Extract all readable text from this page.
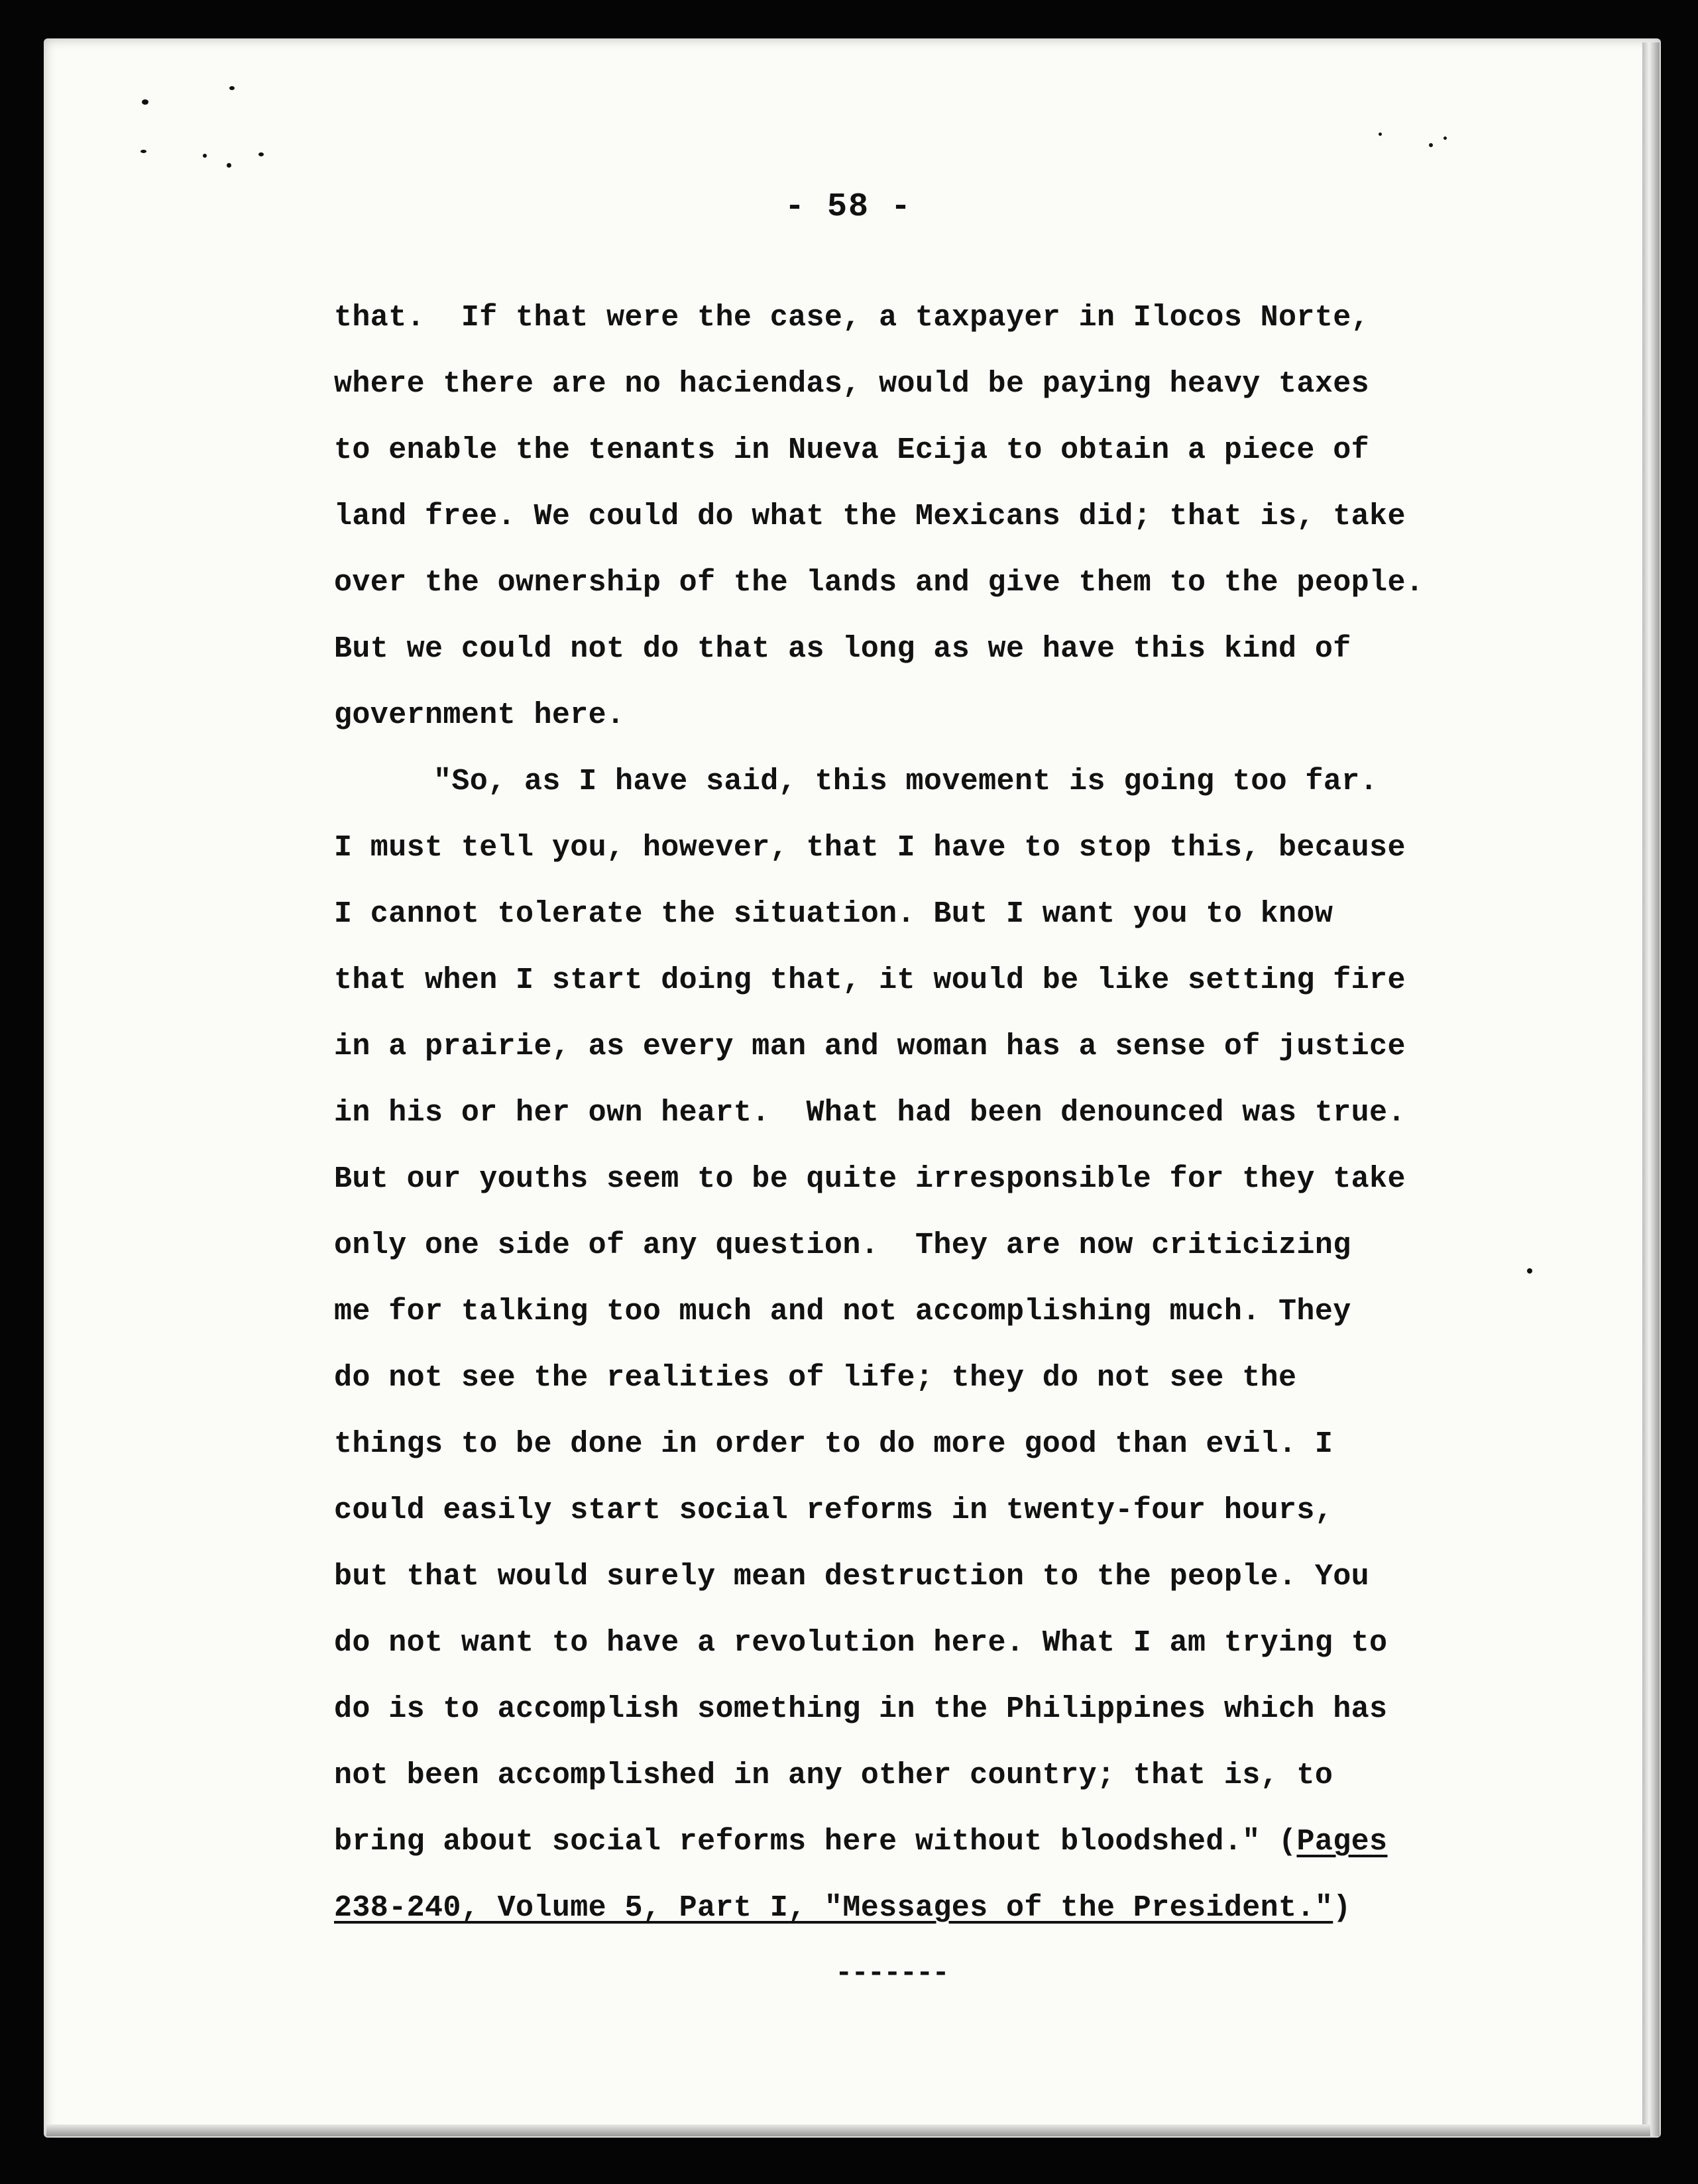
- 58 -
that.  If that were the case, a taxpayer in Ilocos Norte,
where there are no haciendas, would be paying heavy taxes
to enable the tenants in Nueva Ecija to obtain a piece of
land free. We could do what the Mexicans did; that is, take
over the ownership of the lands and give them to the people.
But we could not do that as long as we have this kind of
government here.
"So, as I have said, this movement is going too far.
I must tell you, however, that I have to stop this, because
I cannot tolerate the situation. But I want you to know
that when I start doing that, it would be like setting fire
in a prairie, as every man and woman has a sense of justice
in his or her own heart.  What had been denounced was true.
But our youths seem to be quite irresponsible for they take
only one side of any question.  They are now criticizing
me for talking too much and not accomplishing much. They
do not see the realities of life; they do not see the
things to be done in order to do more good than evil. I
could easily start social reforms in twenty-four hours,
but that would surely mean destruction to the people. You
do not want to have a revolution here. What I am trying to
do is to accomplish something in the Philippines which has
not been accomplished in any other country; that is, to
bring about social reforms here without bloodshed." (Pages
238-240, Volume 5, Part I, "Messages of the President.")
-------
